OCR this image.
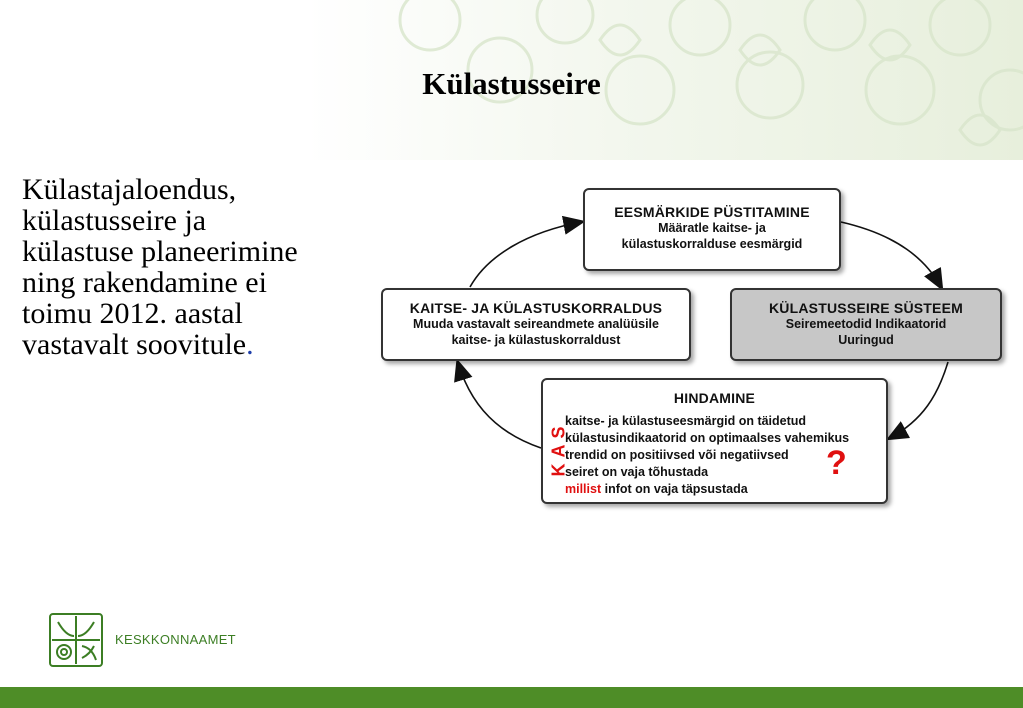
Külastusseire
Külastajaloendus,
külastusseire ja
külastuse planeerimine
ning rakendamine ei
toimu 2012. aastal
vastavalt soovitule.
EESMÄRKIDE PÜSTITAMINE
Määratle kaitse- ja
külastuskorralduse eesmärgid
KÜLASTUSSEIRE SÜSTEEM
Seiremeetodid Indikaatorid
Uuringud
KAITSE- JA KÜLASTUSKORRALDUS
Muuda vastavalt seireandmete analüüsile
kaitse- ja külastuskorraldust
HINDAMINE
KAS
kaitse- ja külastuseesmärgid on täidetud
külastusindikaatorid on optimaalses vahemikus
trendid on positiivsed või negatiivsed
seiret on vaja tõhustada
millist infot on vaja täpsustada
?
KESKKONNAAMET
